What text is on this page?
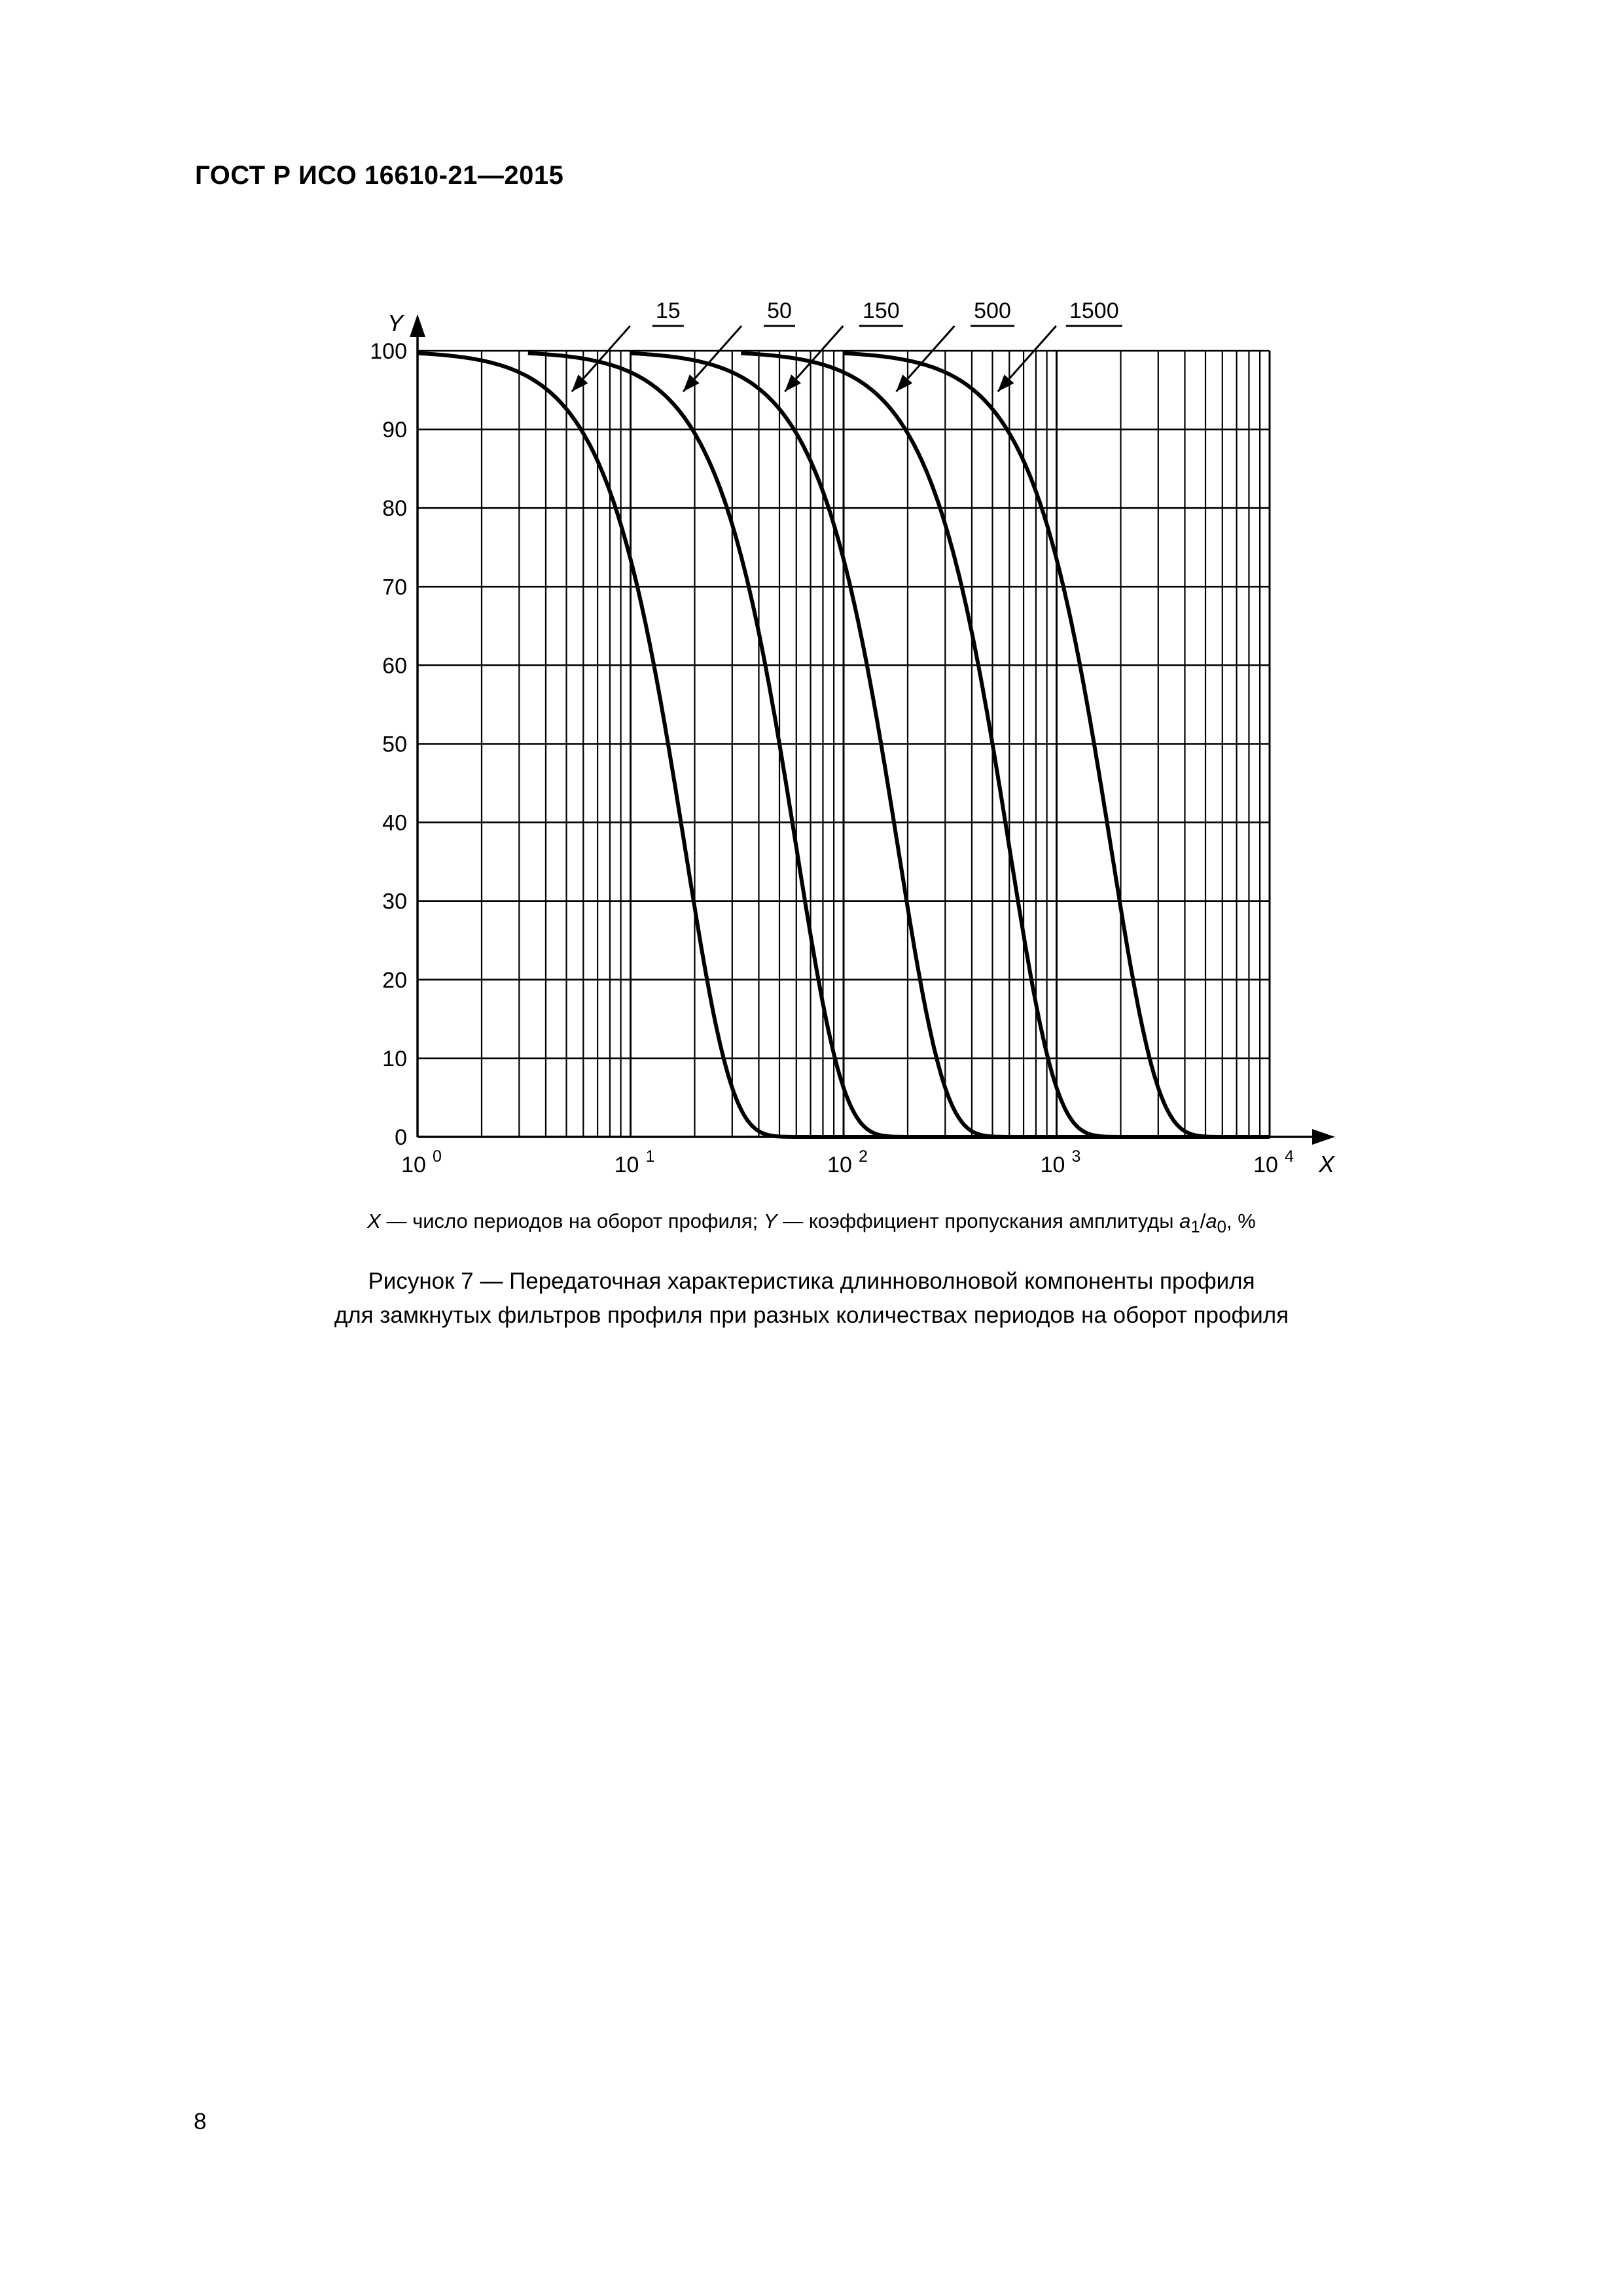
ГОСТ Р ИСО 16610-21—2015
0
10
20
30
40
50
60
70
80
90
100
10 0	10 1	10 2	10 3	10 4 X
Y	15	50	150	500	1500
X — число периодов на оборот профиля; Y — коэффициент пропускания амплитуды $a_1/a_0$, %
Рисунок 7 — Передаточная характеристика длинноволновой компоненты профиля
для замкнутых фильтров профиля при разных количествах периодов на оборот профиля
8
